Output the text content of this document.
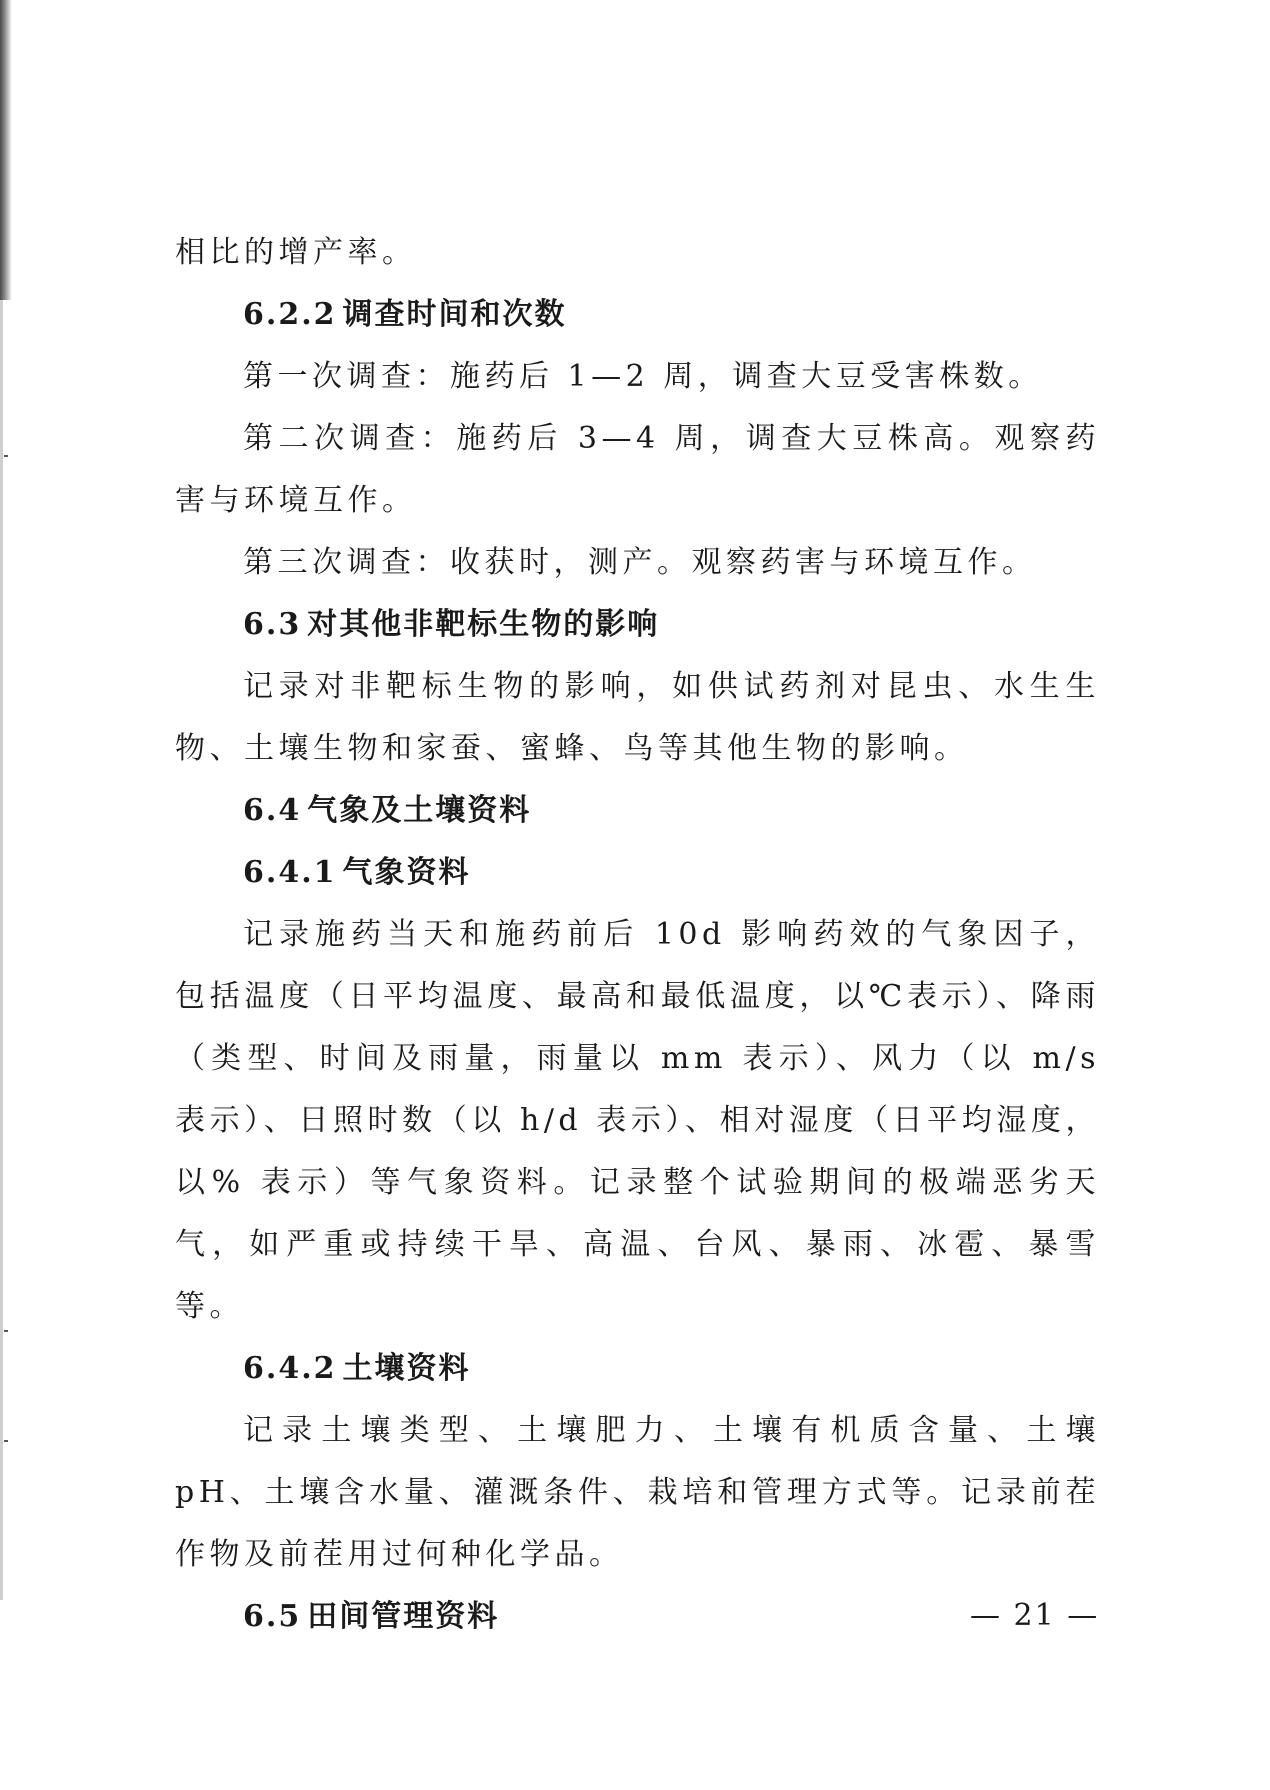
相比的增产率。

6.2.2 调查时间和次数

第一次调查：施药后 1—2 周，调查大豆受害株数。

第二次调查：施药后 3—4 周，调查大豆株高。观察药害与环境互作。

第三次调查：收获时，测产。观察药害与环境互作。

6.3 对其他非靶标生物的影响

记录对非靶标生物的影响，如供试药剂对昆虫、水生生物、土壤生物和家蚕、蜜蜂、鸟等其他生物的影响。

6.4 气象及土壤资料

6.4.1 气象资料

记录施药当天和施药前后 10d 影响药效的气象因子，包括温度（日平均温度、最高和最低温度，以℃表示）、降雨（类型、时间及雨量，雨量以 mm 表示）、风力（以 m/s 表示）、日照时数（以 h/d 表示）、相对湿度（日平均湿度，以% 表示）等气象资料。记录整个试验期间的极端恶劣天气，如严重或持续干旱、高温、台风、暴雨、冰雹、暴雪等。

6.4.2 土壤资料

记录土壤类型、土壤肥力、土壤有机质含量、土壤 pH、土壤含水量、灌溉条件、栽培和管理方式等。记录前茬作物及前茬用过何种化学品。

6.5 田间管理资料	— 21 —
